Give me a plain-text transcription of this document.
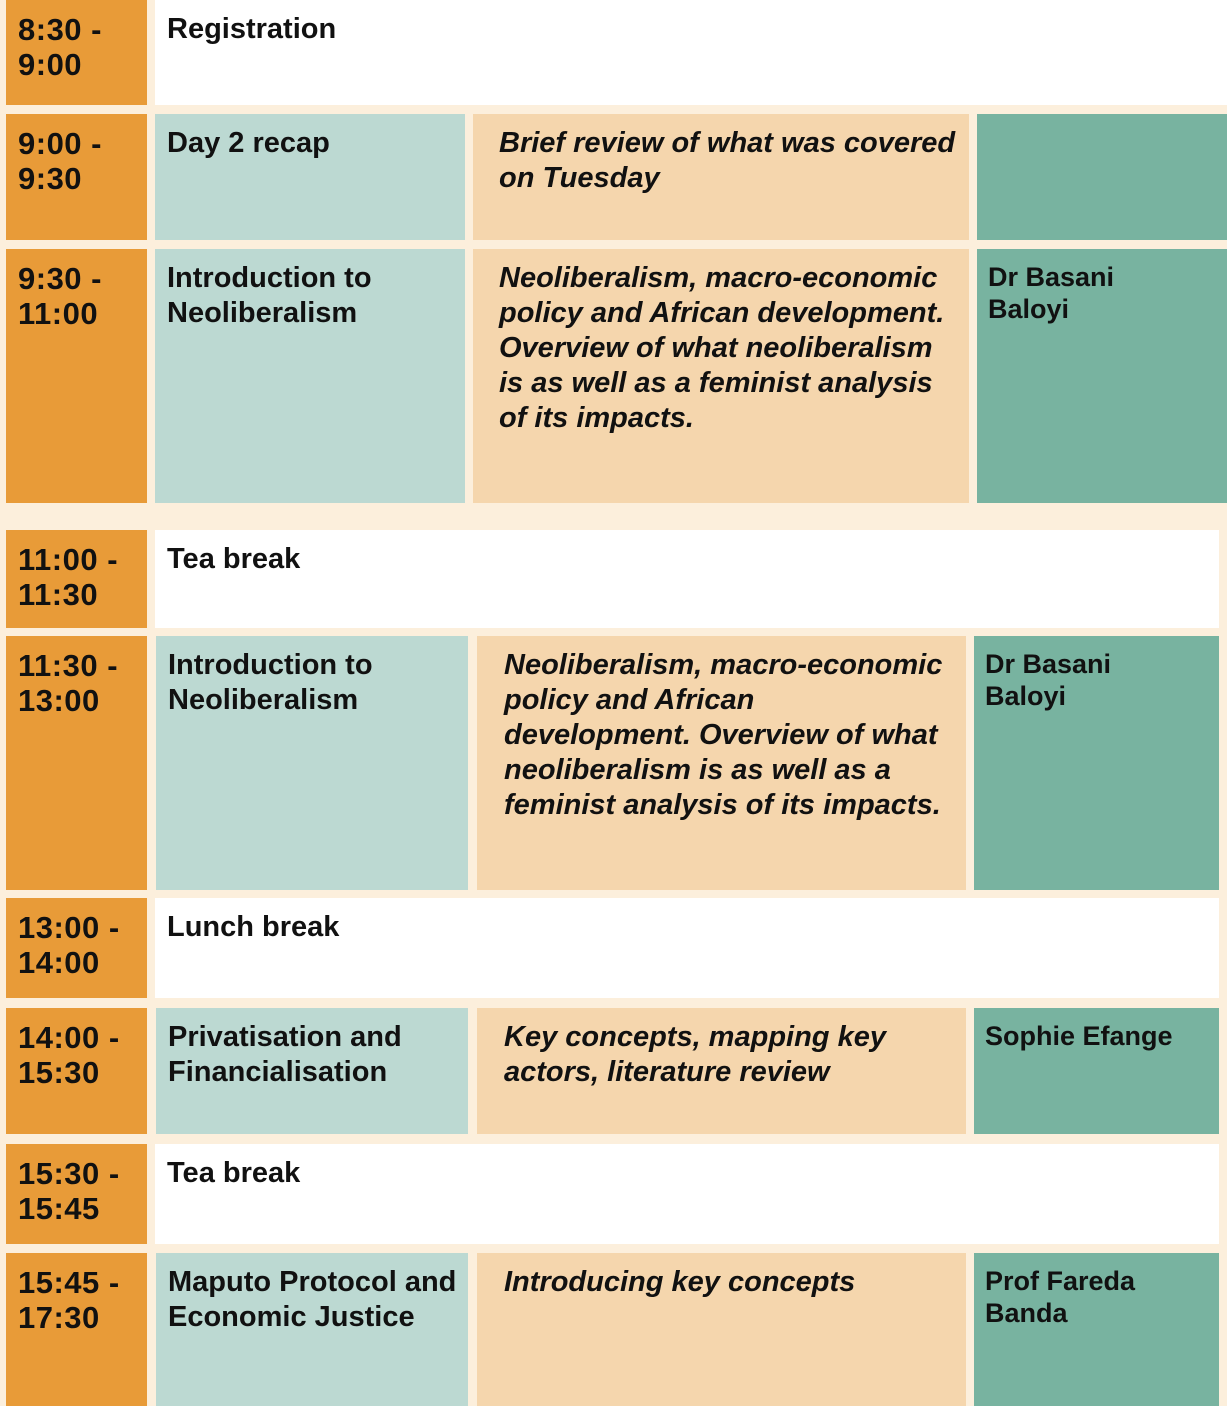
8:30 -
9:00
Registration
9:00 -
9:30
Day 2 recap	Brief review of what was covered on Tuesday
9:30 -
11:00
Introduction to Neoliberalism
Neoliberalism, macro-economic policy and African development. Overview of what neoliberalism is as well as a feminist analysis of its impacts.
Dr Basani Baloyi
11:00 -
11:30
Tea break
11:30 -
13:00
Introduction to Neoliberalism
Neoliberalism, macro-economic policy and African development. Overview of what neoliberalism is as well as a feminist analysis of its impacts.
Dr Basani Baloyi
13:00 -
14:00
Lunch break
14:00 -
15:30
Privatisation and Financialisation
Key concepts, mapping key actors, literature review
Sophie Efange
15:30 -
15:45
Tea break
15:45 -
17:30
Maputo Protocol and Economic Justice
Introducing key concepts	Prof Fareda Banda
